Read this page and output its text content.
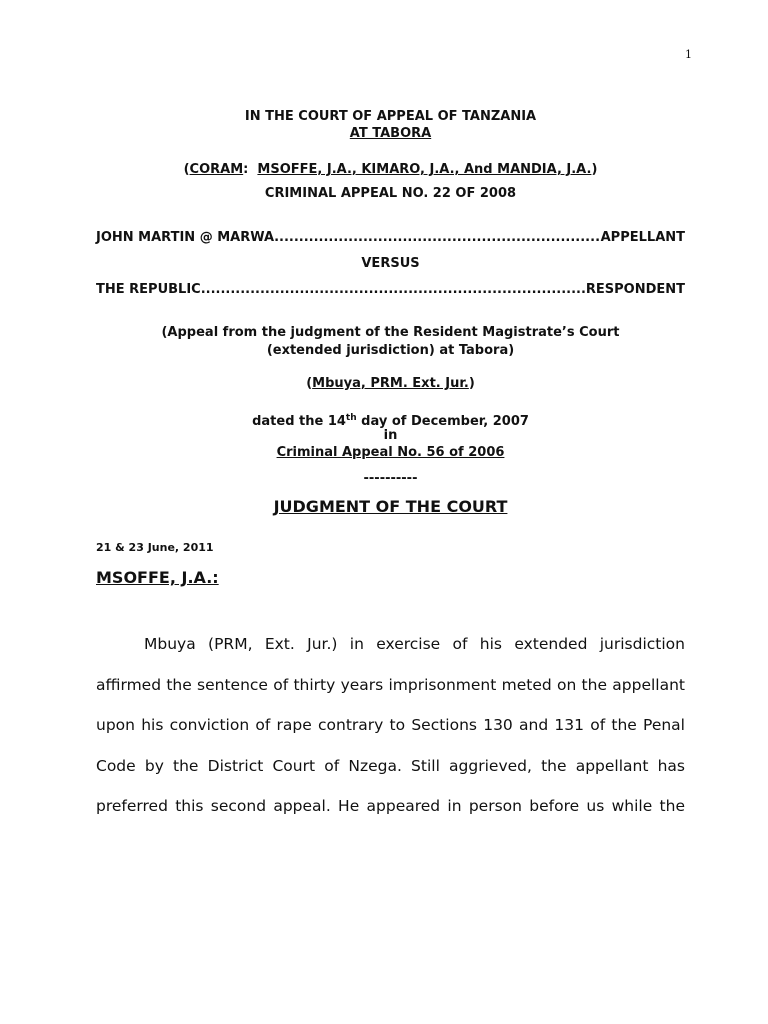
1
IN THE COURT OF APPEAL OF TANZANIA
AT TABORA
(CORAM:  MSOFFE, J.A., KIMARO, J.A., And MANDIA, J.A.)
CRIMINAL APPEAL NO. 22 OF 2008
JOHN MARTIN @ MARWA .....	APPELLANT
VERSUS
THE REPUBLIC .....	RESPONDENT
(Appeal from the judgment of the Resident Magistrate’s Court
(extended jurisdiction) at Tabora)
(Mbuya, PRM. Ext. Jur.)
dated the 14th day of December, 2007
in
Criminal Appeal No. 56 of 2006
----------
JUDGMENT OF THE COURT
21 & 23 June, 2011
MSOFFE, J.A.:
Mbuya (PRM, Ext. Jur.) in exercise of his extended jurisdiction
affirmed the sentence of thirty years imprisonment meted on the appellant
upon his conviction of rape contrary to Sections 130 and 131 of the Penal
Code by the District Court of Nzega. Still aggrieved, the appellant has
preferred this second appeal. He appeared in person before us while the
